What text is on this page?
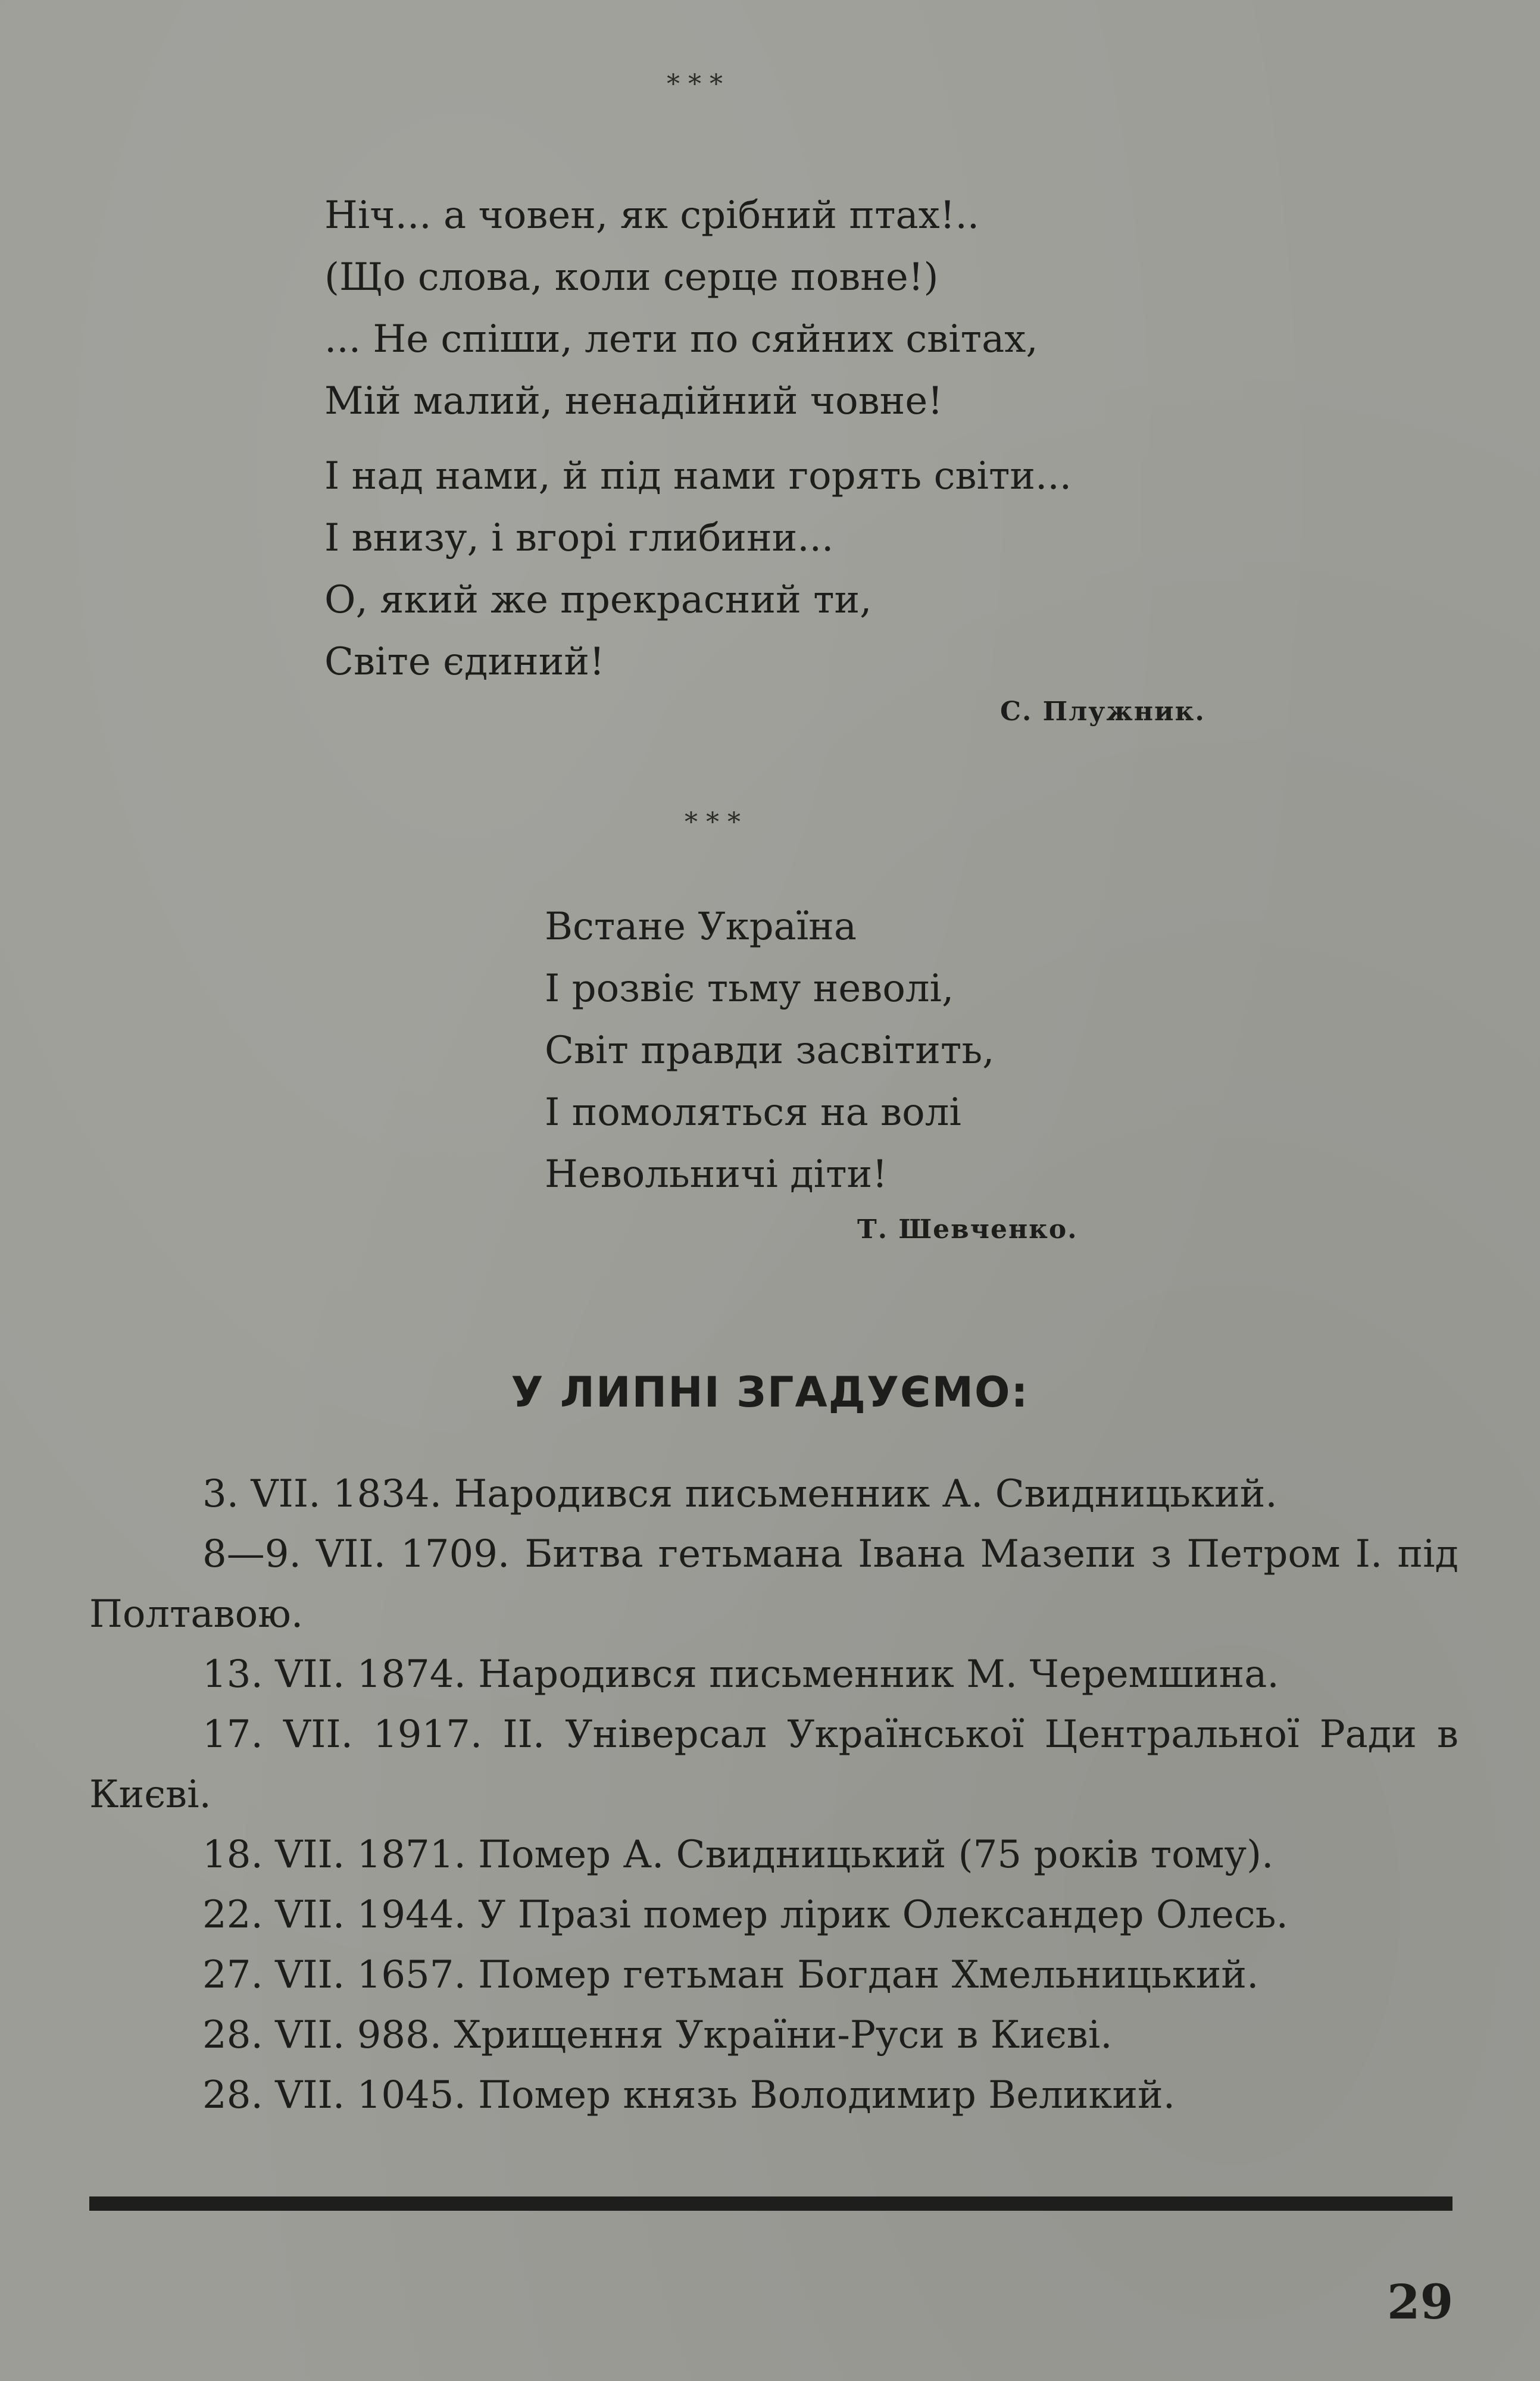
* * *
Ніч... а човен, як срібний птах!..
(Що слова, коли серце повне!)
... Не спіши, лети по сяйних світах,
Мій малий, ненадійний човне!
І над нами, й під нами горять світи...
І внизу, і вгорі глибини...
О, який же прекрасний ти,
Світе єдиний!
С. Плужник.
* * *
Встане Україна
І розвіє тьму неволі,
Світ правди засвітить,
І помоляться на волі
Невольничі діти!
Т. Шевченко.
У ЛИПНІ ЗГАДУЄМО:
3. VII. 1834. Народився письменник А. Свидницький.
8—9. VII. 1709. Битва гетьмана Івана Мазепи з Петром I. під Полтавою.
13. VII. 1874. Народився письменник М. Черемшина.
17. VII. 1917. II. Універсал Української Центральної Ради в Києві.
18. VII. 1871. Помер А. Свидницький (75 років тому).
22. VII. 1944. У Празі помер лірик Олександер Олесь.
27. VII. 1657. Помер гетьман Богдан Хмельницький.
28. VII. 988. Хрищення України-Руси в Києві.
28. VII. 1045. Помер князь Володимир Великий.
29
